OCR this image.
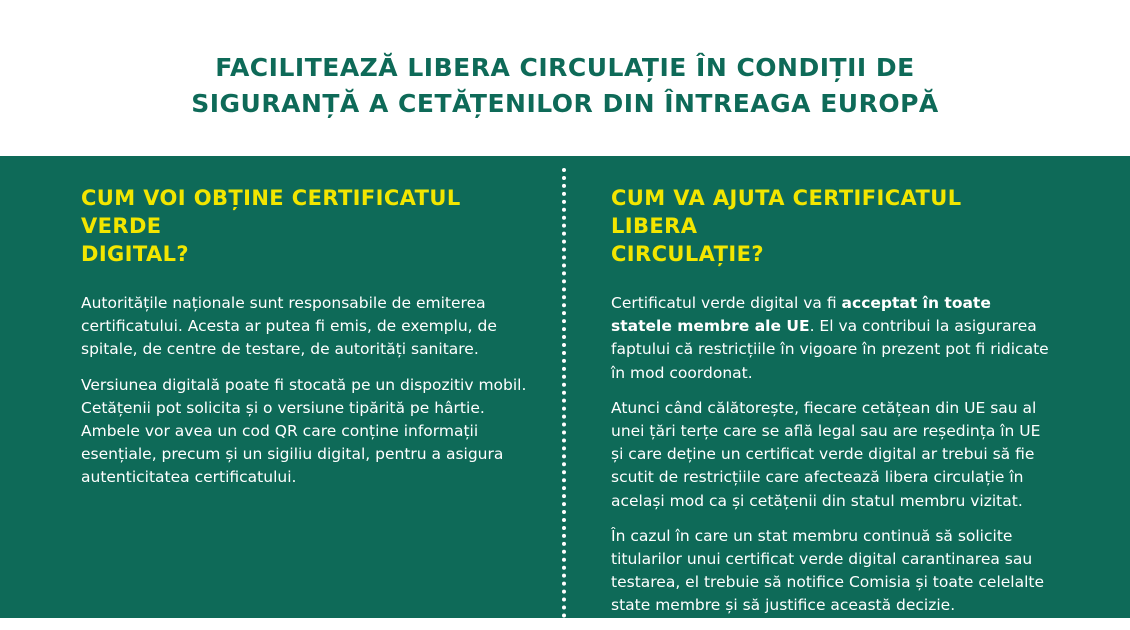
FACILITEAZĂ LIBERA CIRCULAȚIE ÎN CONDIȚII DE
SIGURANȚĂ A CETĂȚENILOR DIN ÎNTREAGA EUROPĂ
CUM VOI OBȚINE CERTIFICATUL VERDE
DIGITAL?

Autoritățile naționale sunt responsabile de emiterea certificatului. Acesta ar putea fi emis, de exemplu, de spitale, de centre de testare, de autorități sanitare.

Versiunea digitală poate fi stocată pe un dispozitiv mobil. Cetățenii pot solicita și o versiune tipărită pe hârtie. Ambele vor avea un cod QR care conține informații esențiale, precum și un sigiliu digital, pentru a asigura autenticitatea certificatului.

CUM VA AJUTA CERTIFICATUL LIBERA
CIRCULAȚIE?

Certificatul verde digital va fi acceptat în toate statele membre ale UE. El va contribui la asigurarea faptului că restricțiile în vigoare în prezent pot fi ridicate în mod coordonat.

Atunci când călătorește, fiecare cetățean din UE sau al unei țări terțe care se află legal sau are reședința în UE și care deține un certificat verde digital ar trebui să fie scutit de restricțiile care afectează libera circulație în același mod ca și cetățenii din statul membru vizitat.

În cazul în care un stat membru continuă să solicite titularilor unui certificat verde digital carantinarea sau testarea, el trebuie să notifice Comisia și toate celelalte state membre și să justifice această decizie.
